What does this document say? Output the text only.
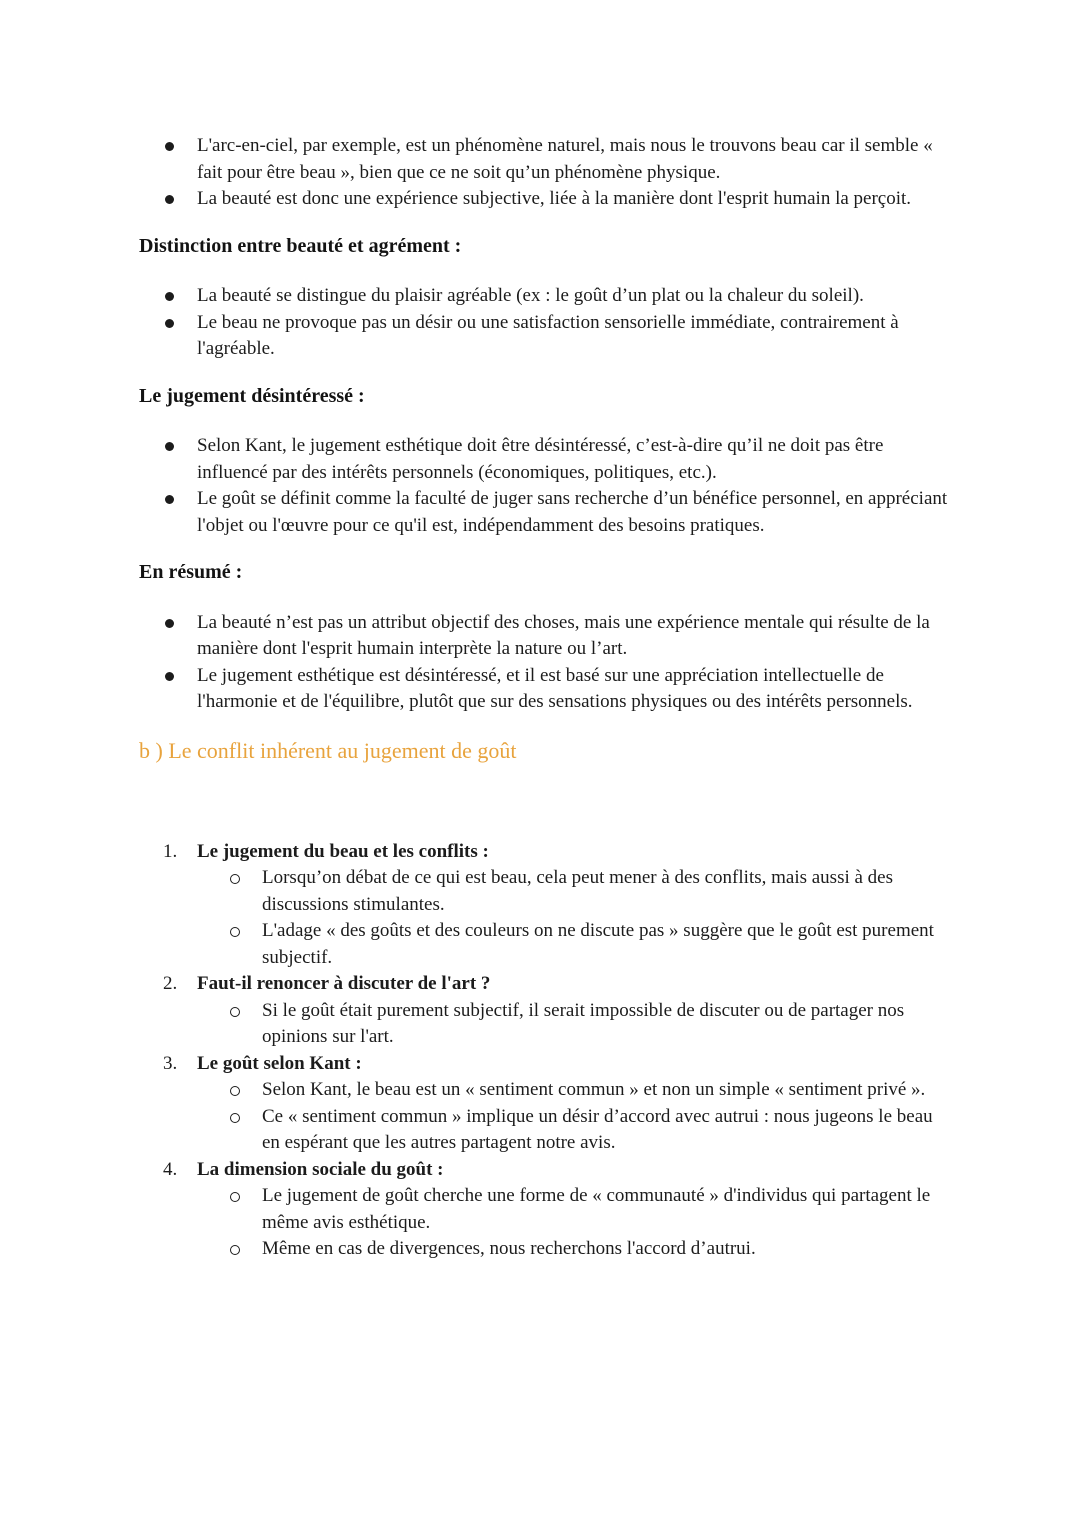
L'arc-en-ciel, par exemple, est un phénomène naturel, mais nous le trouvons beau car il semble « fait pour être beau », bien que ce ne soit qu’un phénomène physique.
La beauté est donc une expérience subjective, liée à la manière dont l'esprit humain la perçoit.
Distinction entre beauté et agrément :
La beauté se distingue du plaisir agréable (ex : le goût d’un plat ou la chaleur du soleil).
Le beau ne provoque pas un désir ou une satisfaction sensorielle immédiate, contrairement à l'agréable.
Le jugement désintéressé :
Selon Kant, le jugement esthétique doit être désintéressé, c’est-à-dire qu’il ne doit pas être influencé par des intérêts personnels (économiques, politiques, etc.).
Le goût se définit comme la faculté de juger sans recherche d’un bénéfice personnel, en appréciant l'objet ou l'œuvre pour ce qu'il est, indépendamment des besoins pratiques.
En résumé :
La beauté n’est pas un attribut objectif des choses, mais une expérience mentale qui résulte de la manière dont l'esprit humain interprète la nature ou l’art.
Le jugement esthétique est désintéressé, et il est basé sur une appréciation intellectuelle de l'harmonie et de l'équilibre, plutôt que sur des sensations physiques ou des intérêts personnels.
b ) Le conflit inhérent au jugement de goût
1.	Le jugement du beau et les conflits :
Lorsqu’on débat de ce qui est beau, cela peut mener à des conflits, mais aussi à des discussions stimulantes.
L'adage « des goûts et des couleurs on ne discute pas » suggère que le goût est purement subjectif.
2.	Faut-il renoncer à discuter de l'art ?
Si le goût était purement subjectif, il serait impossible de discuter ou de partager nos opinions sur l'art.
3.	Le goût selon Kant :
Selon Kant, le beau est un « sentiment commun » et non un simple « sentiment privé ».
Ce « sentiment commun » implique un désir d’accord avec autrui : nous jugeons le beau en espérant que les autres partagent notre avis.
4.	La dimension sociale du goût :
Le jugement de goût cherche une forme de « communauté » d'individus qui partagent le même avis esthétique.
Même en cas de divergences, nous recherchons l'accord d’autrui.
